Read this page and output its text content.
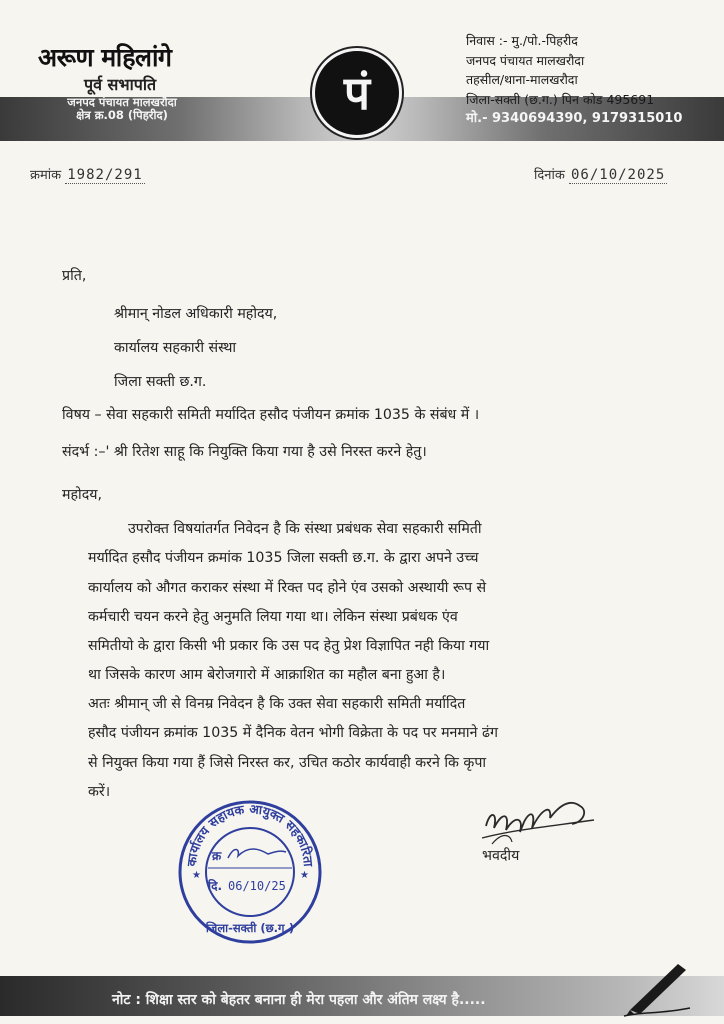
अरूण महिलांगे
पूर्व सभापति
जनपद पंचायत मालखरौदा
क्षेत्र क्र.08 (पिहरीद)	पं
निवास :- मु./पो.-पिहरीद
जनपद पंचायत मालखरौदा
तहसील/थाना-मालखरौदा
जिला-सक्ती (छ.ग.) पिन कोड 495691
मो.- 9340694390, 9179315010
क्रमांक 1982/291	दिनांक 06/10/2025
प्रति,
श्रीमान् नोडल अधिकारी महोदय,
कार्यालय सहकारी संस्था
जिला सक्ती छ.ग.
विषय – सेवा सहकारी समिती मर्यादित हसौद पंजीयन क्रमांक 1035 के संबंध में ।
संदर्भ :–' श्री रितेश साहू कि नियुक्ति किया गया है उसे निरस्त करने हेतु।
महोदय,
उपरोक्त विषयांतर्गत निवेदन है कि संस्था प्रबंधक सेवा सहकारी समिती
मर्यादित हसौद पंजीयन क्रमांक 1035 जिला सक्ती छ.ग. के द्वारा अपने उच्च
कार्यालय को औगत कराकर संस्था में रिक्त पद होने एंव उसको अस्थायी रूप से
कर्मचारी चयन करने हेतु अनुमति लिया गया था। लेकिन संस्था प्रबंधक एंव
समितीयो के द्वारा किसी भी प्रकार कि उस पद हेतु प्रेश विज्ञापित नही किया गया
था जिसके कारण आम बेरोजगारो में आक्राशित का महौल बना हुआ है।
अतः श्रीमान् जी से विनम्र निवेदन है कि उक्त सेवा सहकारी समिती मर्यादित
हसौद पंजीयन क्रमांक 1035 में दैनिक वेतन भोगी विक्रेता के पद पर मनमाने ढंग
से नियुक्त किया गया हैं जिसे निरस्त कर, उचित कठोर कार्यवाही करने कि कृपा
करें।
भवदीय
कार्यालय सहायक आयुक्त सहकारिता
जिला-सक्ती (छ.ग.)
क्र
दि. 06/10/25
★	★
नोट : शिक्षा स्तर को बेहतर बनाना ही मेरा पहला और अंतिम लक्ष्य है.....
